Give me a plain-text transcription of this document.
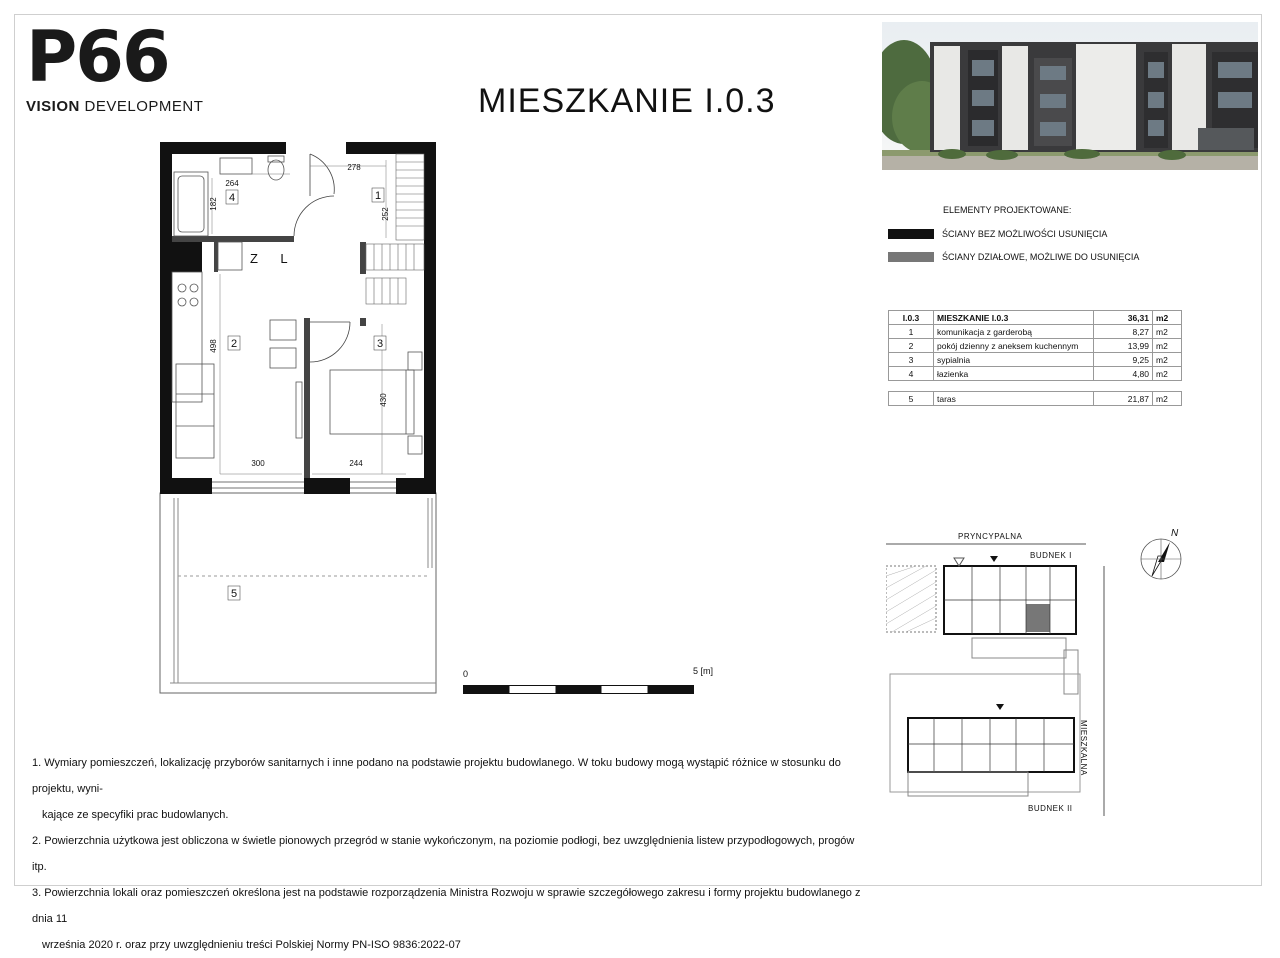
P66
VISION DEVELOPMENT	MIESZKANIE I.0.3
ELEMENTY PROJEKTOWANE:
ŚCIANY BEZ MOŻLIWOŚCI USUNIĘCIA
ŚCIANY DZIAŁOWE, MOŻLIWE DO USUNIĘCIA
I.0.3	MIESZKANIE I.0.3	36,31	m2
1	komunikacja z garderobą	8,27	m2
2	pokój dzienny z aneksem kuchennym	13,99	m2
3	sypialnia	9,25	m2
4	łazienka	4,80	m2
5	taras	21,87	m2
4	1
2	3
5
Z L
278
264
182
252
498
430
300	244
0	5 [m]
PRYNCYPALNA
BUDNEK I
BUDNEK II
MIESZKALNA
N

1. Wymiary pomieszczeń, lokalizację przyborów sanitarnych i inne podano na podstawie projektu budowlanego. W toku budowy mogą wystąpić różnice w stosunku do projektu, wyni-

kające ze specyfiki prac budowlanych.

2. Powierzchnia użytkowa jest obliczona w świetle pionowych przegród w stanie wykończonym, na poziomie podłogi, bez uwzględnienia listew przypodłogowych, progów itp.

3. Powierzchnia lokali oraz pomieszczeń określona jest na podstawie rozporządzenia Ministra Rozwoju w sprawie szczegółowego zakresu i formy projektu budowlanego z dnia 11

września 2020 r. oraz przy uwzględnieniu treści Polskiej Normy PN-ISO 9836:2022-07
